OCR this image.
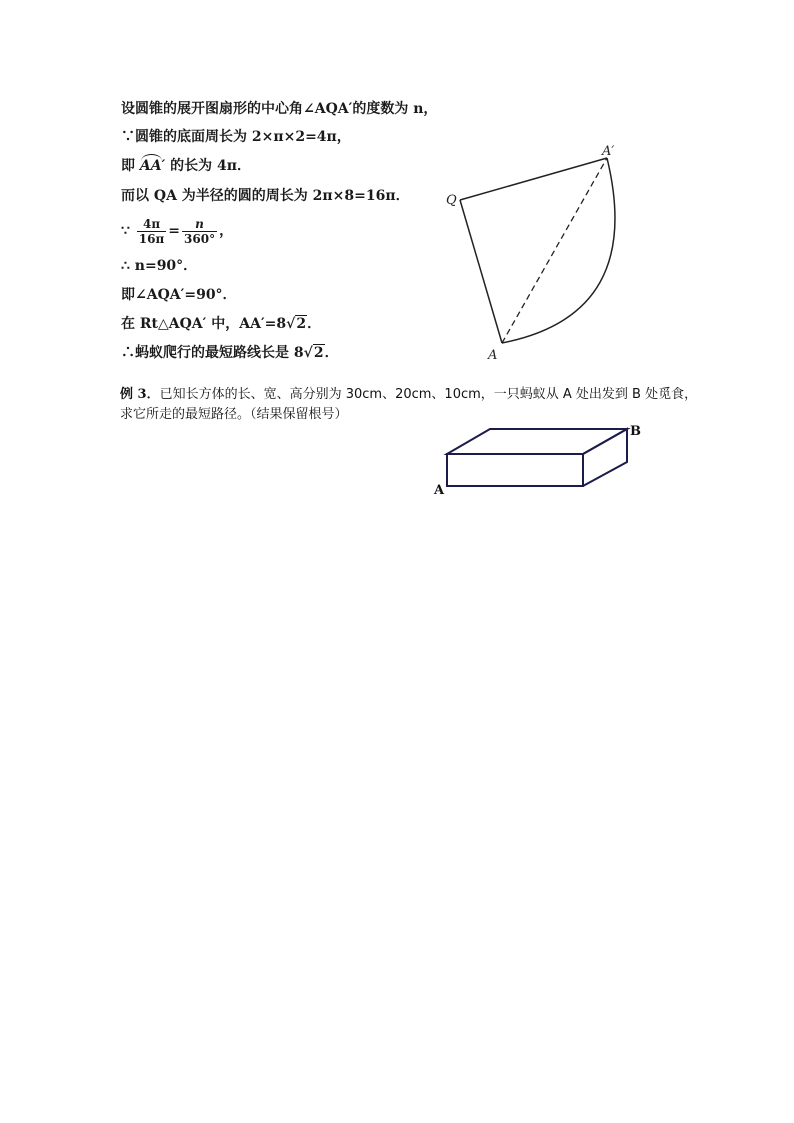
设圆锥的展开图扇形的中心角∠AQA′的度数为 n，
∵圆锥的底面周长为 2×π×2=4π，
即
AA′ 的长为 4π．
而以 QA 为半径的圆的周长为 2π×8=16π．
∵ $\frac{4\pi}{16\pi} = \frac{n}{360^\circ}$ ，
∴ n=90°．
即∠AQA′=90°．
在 Rt△AQA′ 中，AA′=8√2．
∴蚂蚁爬行的最短路线长是 8√2．
Q
A′
A
例 3．已知长方体的长、宽、高分别为 30cm、20cm、10cm，一只蚂蚁从 A 处出发到 B 处觅食，
求它所走的最短路径。（结果保留根号）
A
B
